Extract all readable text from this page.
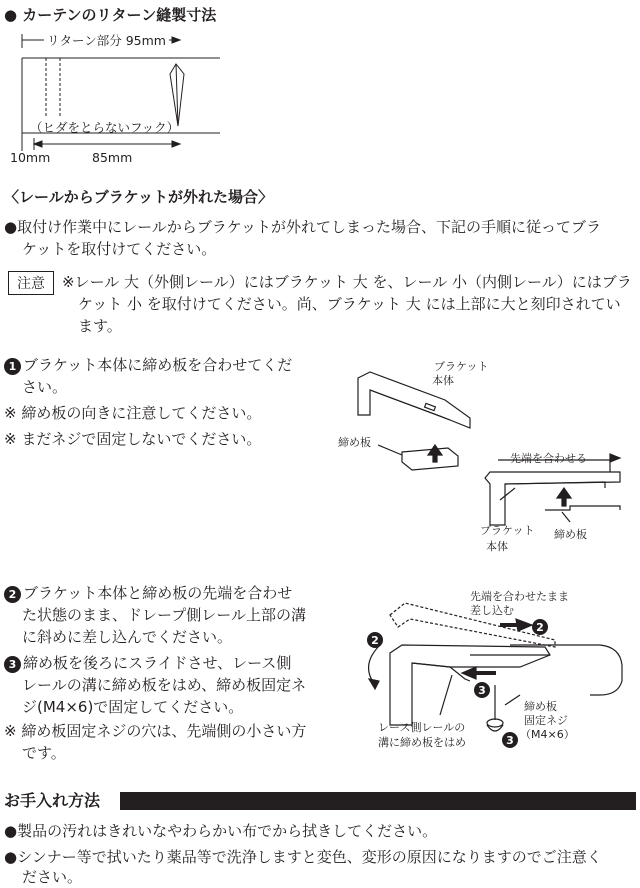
● カーテンのリターン縫製寸法
リターン部分 95mm
（ヒダをとらないフック）
10mm	85mm
〈レールからブラケットが外れた場合〉
●取付け作業中にレールからブラケットが外れてしまった場合、下記の手順に従ってブラ
ケットを取付けてください。
注意	※レール 大（外側レール）にはブラケット 大 を、レール 小（内側レール）にはブラ
ケット 小 を取付けてください。尚、ブラケット 大 には上部に大と刻印されてい
ます。
1 ブラケット本体に締め板を合わせてくだ
さい。
※ 締め板の向きに注意してください。
※ まだネジで固定しないでください。
ブラケット
本体
締め板
先端を合わせる
ブラケット
本体
締め板
2 ブラケット本体と締め板の先端を合わせ
た状態のまま、ドレープ側レール上部の溝
に斜めに差し込んでください。
3 締め板を後ろにスライドさせ、レース側
レールの溝に締め板をはめ、締め板固定ネ
ジ(M4×6)で固定してください。
※ 締め板固定ネジの穴は、先端側の小さい方
です。
2
2
3
3
先端を合わせたまま
差し込む
レース側レールの
溝に締め板をはめ
締め板
固定ネジ
（M4×6）
お手入れ方法
●製品の汚れはきれいなやわらかい布でから拭きしてください。
●シンナー等で拭いたり薬品等で洗浄しますと変色、変形の原因になりますのでご注意く
ださい。
